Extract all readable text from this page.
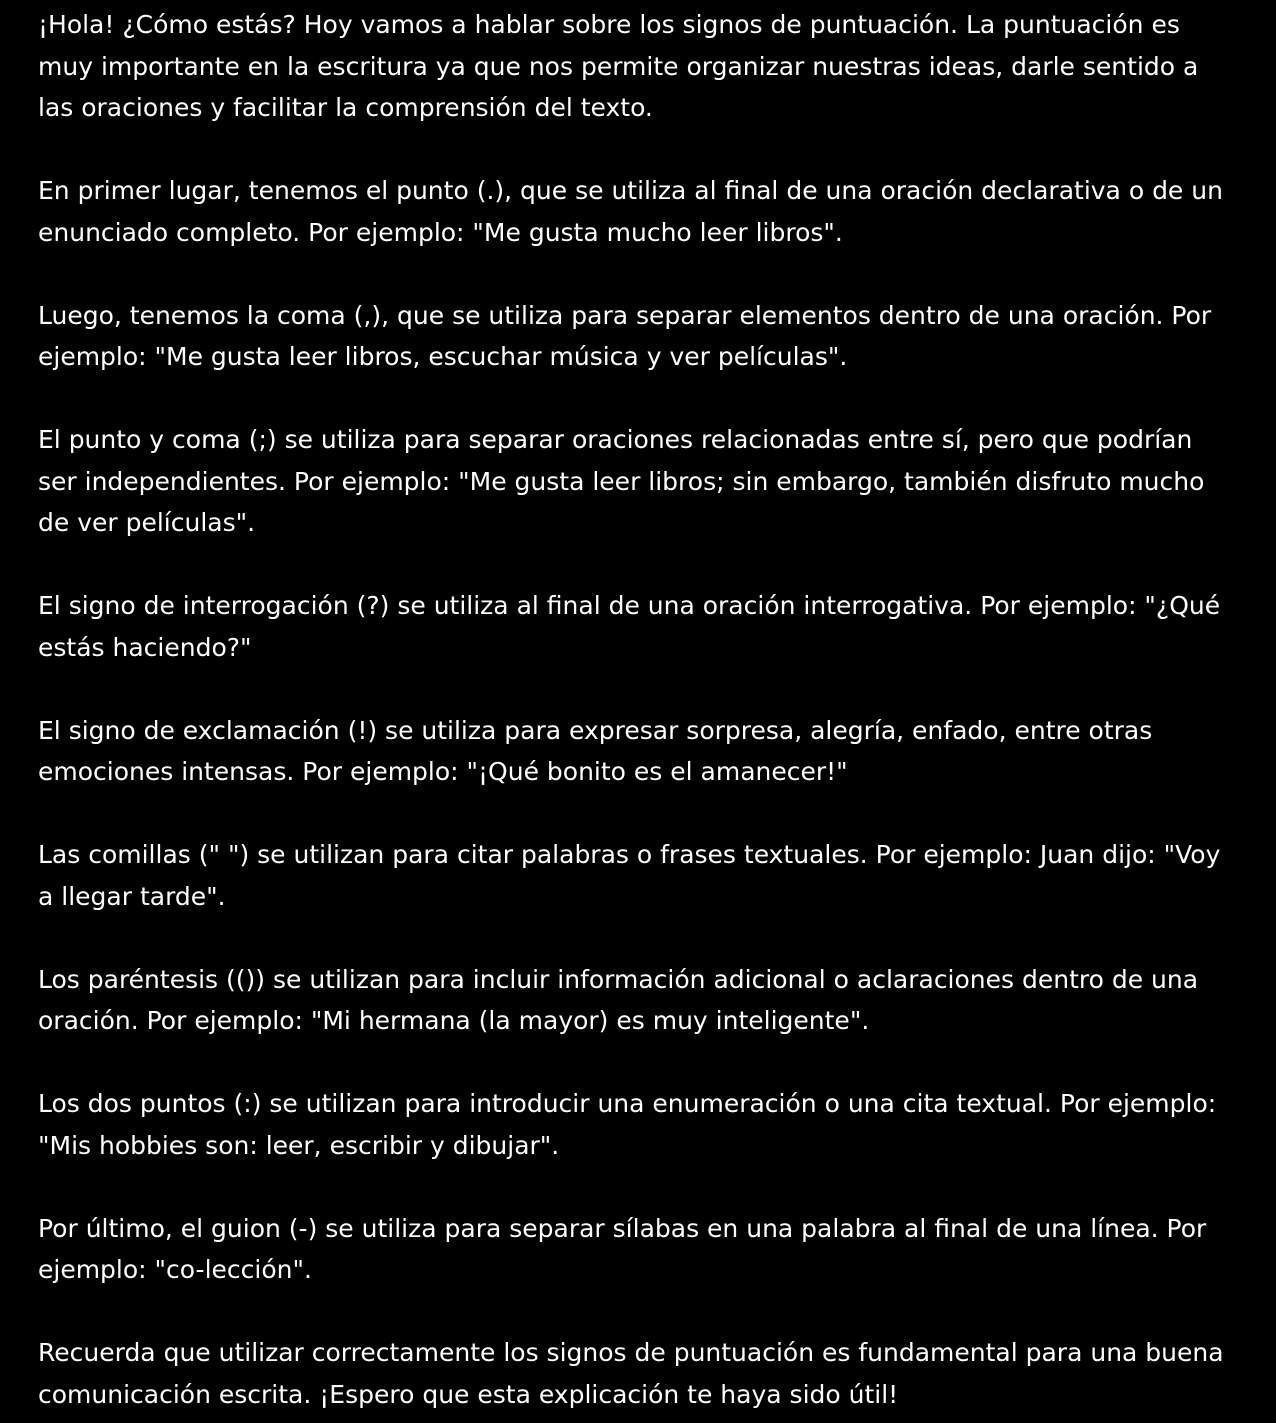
¡Hola! ¿Cómo estás? Hoy vamos a hablar sobre los signos de puntuación. La puntuación es muy importante en la escritura ya que nos permite organizar nuestras ideas, darle sentido a las oraciones y facilitar la comprensión del texto.

En primer lugar, tenemos el punto (.), que se utiliza al final de una oración declarativa o de un enunciado completo. Por ejemplo: "Me gusta mucho leer libros".

Luego, tenemos la coma (,), que se utiliza para separar elementos dentro de una oración. Por ejemplo: "Me gusta leer libros, escuchar música y ver películas".

El punto y coma (;) se utiliza para separar oraciones relacionadas entre sí, pero que podrían ser independientes. Por ejemplo: "Me gusta leer libros; sin embargo, también disfruto mucho de ver películas".

El signo de interrogación (?) se utiliza al final de una oración interrogativa. Por ejemplo: "¿Qué estás haciendo?"

El signo de exclamación (!) se utiliza para expresar sorpresa, alegría, enfado, entre otras emociones intensas. Por ejemplo: "¡Qué bonito es el amanecer!"

Las comillas (" ") se utilizan para citar palabras o frases textuales. Por ejemplo: Juan dijo: "Voy a llegar tarde".

Los paréntesis (()) se utilizan para incluir información adicional o aclaraciones dentro de una oración. Por ejemplo: "Mi hermana (la mayor) es muy inteligente".

Los dos puntos (:) se utilizan para introducir una enumeración o una cita textual. Por ejemplo: "Mis hobbies son: leer, escribir y dibujar".

Por último, el guion (-) se utiliza para separar sílabas en una palabra al final de una línea. Por ejemplo: "co-lección".

Recuerda que utilizar correctamente los signos de puntuación es fundamental para una buena comunicación escrita. ¡Espero que esta explicación te haya sido útil!
